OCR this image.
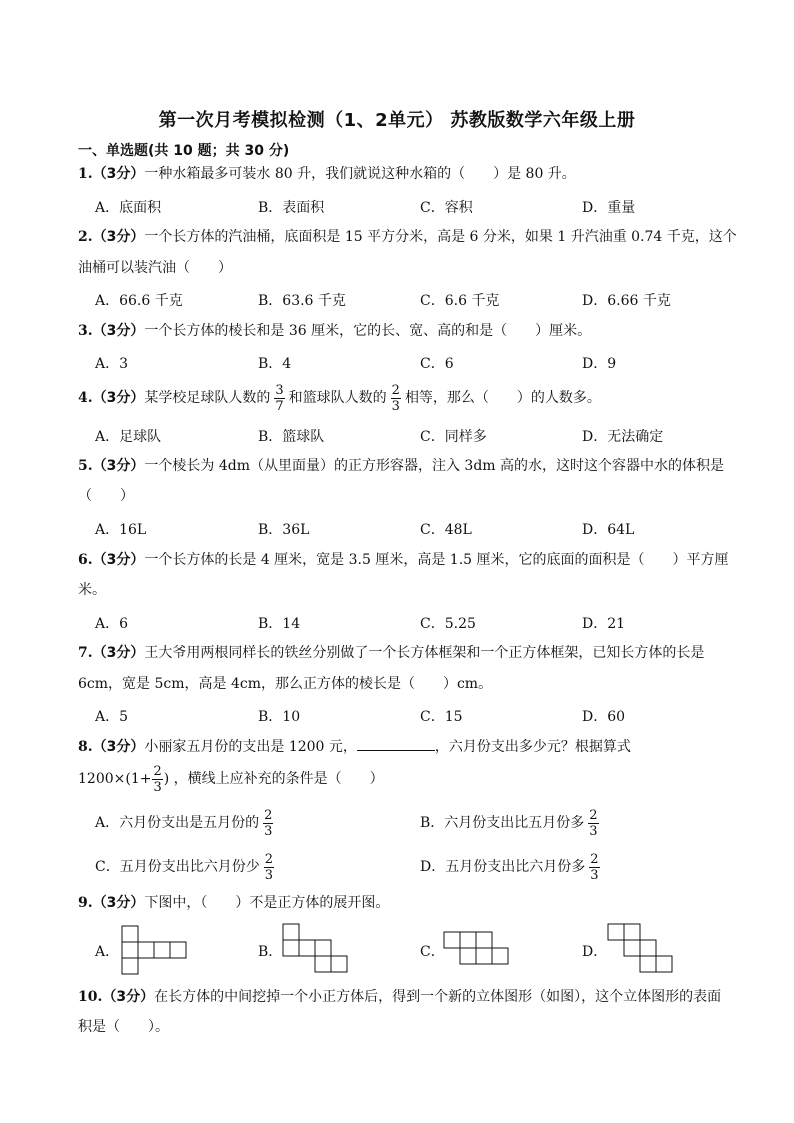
第一次月考模拟检测（1、2单元） 苏教版数学六年级上册
一、单选题(共 10 题；共 30 分)
1.（3分）一种水箱最多可装水 80 升，我们就说这种水箱的（　　）是 80 升。
A．底面积	B．表面积	C．容积	D．重量
2.（3分）一个长方体的汽油桶，底面积是 15 平方分米，高是 6 分米，如果 1 升汽油重 0.74 千克，这个
油桶可以装汽油（　　）
A．66.6 千克	B．63.6 千克	C．6.6 千克	D．6.66 千克
3.（3分）一个长方体的棱长和是 36 厘米，它的长、宽、高的和是（　　）厘米。
A．3	B．4	C．6	D．9
4.（3分）某学校足球队人数的 $\frac{3}{7}$ 和篮球队人数的 $\frac{2}{3}$ 相等，那么（　　）的人数多。
A．足球队	B．篮球队	C．同样多	D．无法确定
5.（3分）一个棱长为 4dm（从里面量）的正方形容器，注入 3dm 高的水，这时这个容器中水的体积是
（　　）
A．16L	B．36L	C．48L	D．64L
6.（3分）一个长方体的长是 4 厘米，宽是 3.5 厘米，高是 1.5 厘米，它的底面的面积是（　　）平方厘
米。
A．6	B．14	C．5.25	D．21
7.（3分）王大爷用两根同样长的铁丝分别做了一个长方体框架和一个正方体框架，已知长方体的长是
6cm，宽是 5cm，高是 4cm，那么正方体的棱长是（　　）cm。
A．5	B．10	C．15	D．60
8.（3分）小丽家五月份的支出是 1200 元，	，六月份支出多少元？根据算式
$1200\times(1+ \frac{2}{3}$ ) ，横线上应补充的条件是（　　）
A．六月份支出是五月份的 $\frac{2}{3}$	B．六月份支出比五月份多 $\frac{2}{3}$
C．五月份支出比六月份少 $\frac{2}{3}$	D．五月份支出比六月份多 $\frac{2}{3}$
9.（3分）下图中，（　　）不是正方体的展开图。
A．	B．	C．	D．
10.（3分）在长方体的中间挖掉一个小正方体后，得到一个新的立体图形（如图），这个立体图形的表面
积是（　　）。
